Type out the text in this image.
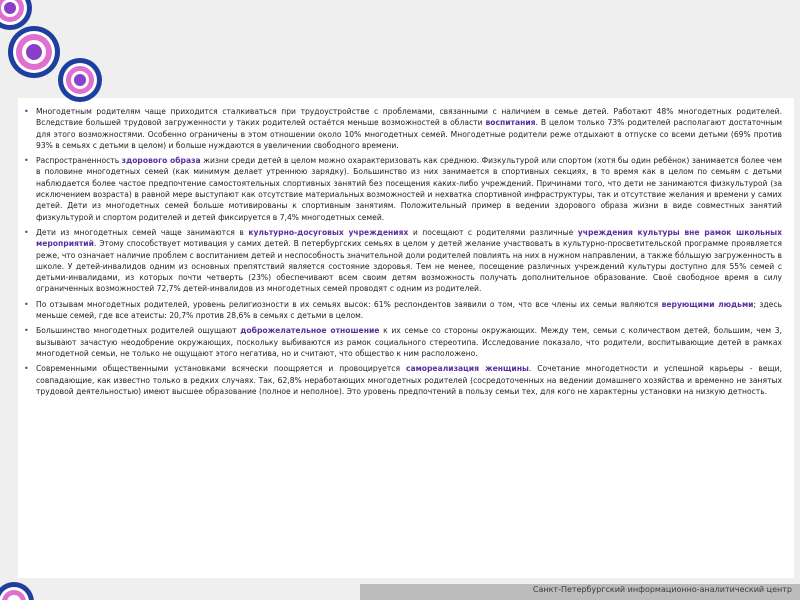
• Многодетным родителям чаще приходится сталкиваться при трудоустройстве с проблемами, связанными с наличием в семье детей. Работают 48% многодетных родителей. Вследствие большей трудовой загруженности у таких родителей остаётся меньше возможностей в области воспитания. В целом только 73% родителей располагают достаточным для этого возможностями. Особенно ограничены в этом отношении около 10% многодетных семей. Многодетные родители реже отдыхают в отпуске со всеми детьми (69% против 93% в семьях с детьми в целом) и больше нуждаются в увеличении свободного времени.
• Распространенность здорового образа жизни среди детей в целом можно охарактеризовать как среднюю. Физкультурой или спортом (хотя бы один ребёнок) занимается более чем в половине многодетных семей (как минимум делает утреннюю зарядку). Большинство из них занимается в спортивных секциях, в то время как в целом по семьям с детьми наблюдается более частое предпочтение самостоятельных спортивных занятий без посещения каких-либо учреждений. Причинами того, что дети не занимаются физкультурой (за исключением возраста) в равной мере выступают как отсутствие материальных возможностей и нехватка спортивной инфраструктуры, так и отсутствие желания и времени у самих детей. Дети из многодетных семей больше мотивированы к спортивным занятиям. Положительный пример в ведении здорового образа жизни в виде совместных занятий физкультурой и спортом родителей и детей фиксируется в 7,4% многодетных семей.
• Дети из многодетных семей чаще занимаются в культурно-досуговых учреждениях и посещают с родителями различные учреждения культуры вне рамок школьных мероприятий. Этому способствует мотивация у самих детей. В петербургских семьях в целом у детей желание участвовать в культурно-просветительской программе проявляется реже, что означает наличие проблем с воспитанием детей и неспособность значительной доли родителей повлиять на них в нужном направлении, а также бóльшую загруженность в школе. У детей-инвалидов одним из основных препятствий является состояние здоровья. Тем не менее, посещение различных учреждений культуры доступно для 55% семей с детьми-инвалидами, из которых почти четверть (23%) обеспечивают всем своим детям возможность получать дополнительное образование. Своё свободное время в силу ограниченных возможностей 72,7% детей-инвалидов из многодетных семей проводят с одним из родителей.
• По отзывам многодетных родителей, уровень религиозности в их семьях высок: 61% респондентов заявили о том, что все члены их семьи являются верующими людьми; здесь меньше семей, где все атеисты: 20,7% против 28,6% в семьях с детьми в целом.
• Большинство многодетных родителей ощущают доброжелательное отношение к их семье со стороны окружающих. Между тем, семьи с количеством детей, большим, чем 3, вызывают зачастую неодобрение окружающих, поскольку выбиваются из рамок социального стереотипа. Исследование показало, что родители, воспитывающие детей в рамках многодетной семьи, не только не ощущают этого негатива, но и считают, что общество к ним расположено.
• Современными общественными установками всячески поощряется и провоцируется самореализация женщины. Сочетание многодетности и успешной карьеры - вещи, совпадающие, как известно только в редких случаях. Так, 62,8% неработающих многодетных родителей (сосредоточенных на ведении домашнего хозяйства и временно не занятых трудовой деятельностью) имеют высшее образование (полное и неполное). Это уровень предпочтений в пользу семьи тех, для кого не характерны установки на низкую детность.
Санкт-Петербургский информационно-аналитический центр
